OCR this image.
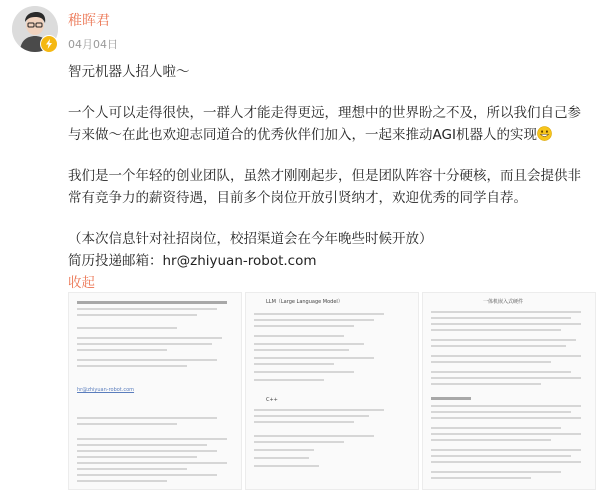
稚晖君
04月04日

智元机器人招人啦～

一个人可以走得很快，一群人才能走得更远，理想中的世界盼之不及，所以我们自己参与来做～在此也欢迎志同道合的优秀伙伴们加入，一起来推动AGI机器人的实现

我们是一个年轻的创业团队，虽然才刚刚起步，但是团队阵容十分硬核，而且会提供非常有竞争力的薪资待遇，目前多个岗位开放引贤纳才，欢迎优秀的同学自荐。

（本次信息针对社招岗位，校招渠道会在今年晚些时候开放）

简历投递邮箱：hr@zhiyuan-robot.com

收起

hr@zhiyuan-robot.com
LLM（Large Language Model）
C++
一体机嵌入式硬件
